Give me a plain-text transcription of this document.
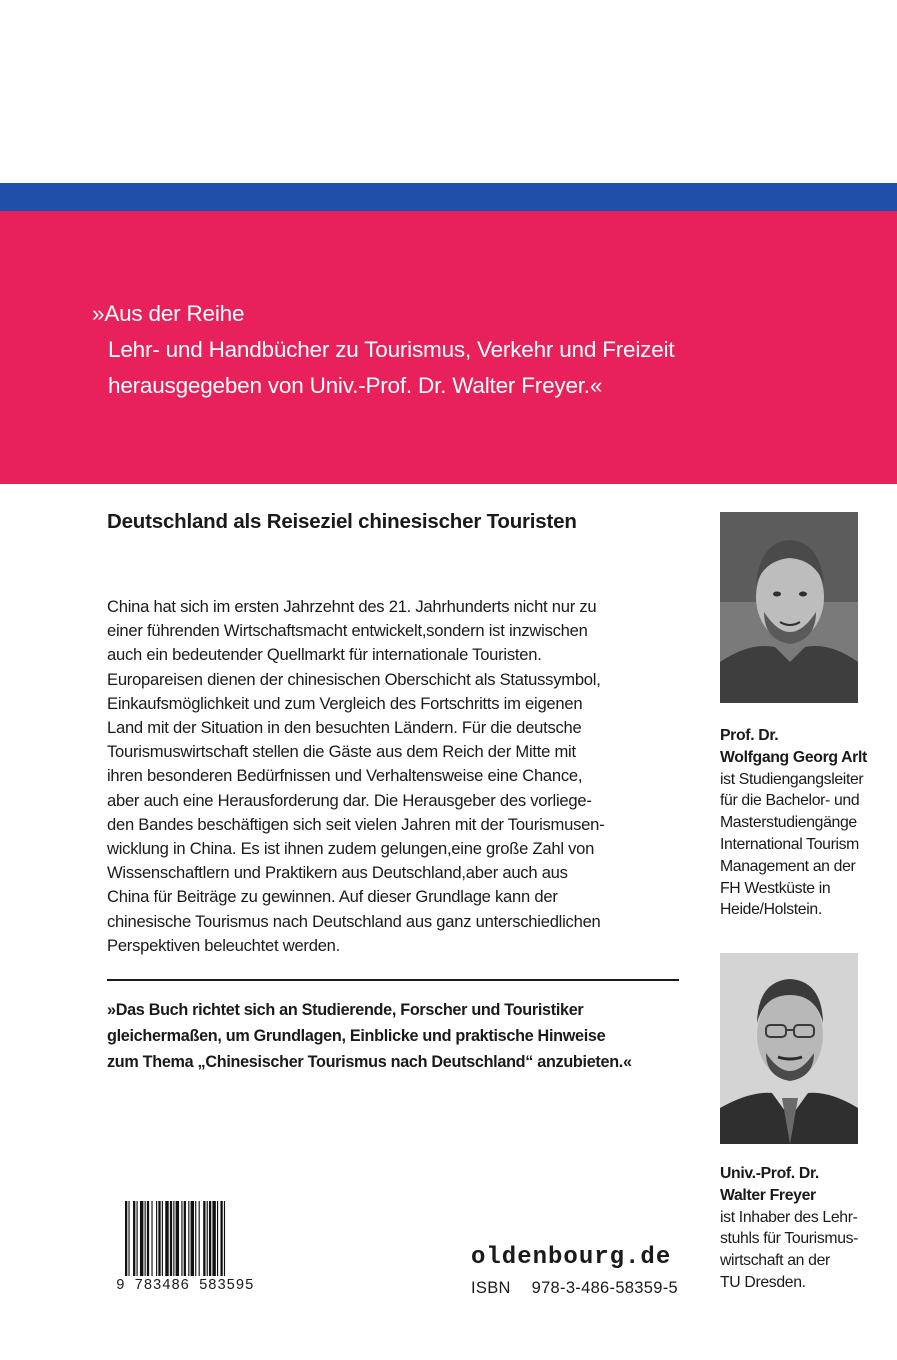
»Aus der Reihe
Lehr- und Handbücher zu Tourismus, Verkehr und Freizeit
herausgegeben von Univ.-Prof. Dr. Walter Freyer.«
Deutschland als Reiseziel chinesischer Touristen
China hat sich im ersten Jahrzehnt des 21. Jahrhunderts nicht nur zu
einer führenden Wirtschaftsmacht entwickelt,sondern ist inzwischen
auch ein bedeutender Quellmarkt für internationale Touristen.
Europareisen dienen der chinesischen Oberschicht als Statussymbol,
Einkaufsmöglichkeit und zum Vergleich des Fortschritts im eigenen
Land mit der Situation in den besuchten Ländern. Für die deutsche
Tourismuswirtschaft stellen die Gäste aus dem Reich der Mitte mit
ihren besonderen Bedürfnissen und Verhaltensweise eine Chance,
aber auch eine Herausforderung dar. Die Herausgeber des vorliege-
den Bandes beschäftigen sich seit vielen Jahren mit der Tourismusen-
wicklung in China. Es ist ihnen zudem gelungen,eine große Zahl von
Wissenschaftlern und Praktikern aus Deutschland,aber auch aus
China für Beiträge zu gewinnen. Auf dieser Grundlage kann der
chinesische Tourismus nach Deutschland aus ganz unterschiedlichen
Perspektiven beleuchtet werden.
»Das Buch richtet sich an Studierende, Forscher und Touristiker
gleichermaßen, um Grundlagen, Einblicke und praktische Hinweise
zum Thema „Chinesischer Tourismus nach Deutschland“ anzubieten.«
Prof. Dr.
Wolfgang Georg Arlt
ist Studiengangsleiter
für die Bachelor- und
Masterstudiengänge
International Tourism
Management an der
FH Westküste in
Heide/Holstein.
Univ.-Prof. Dr.
Walter Freyer
ist Inhaber des Lehr-
stuhls für Tourismus-
wirtschaft an der
TU Dresden.
9 783486 583595
oldenbourg.de
ISBN 978-3-486-58359-5
